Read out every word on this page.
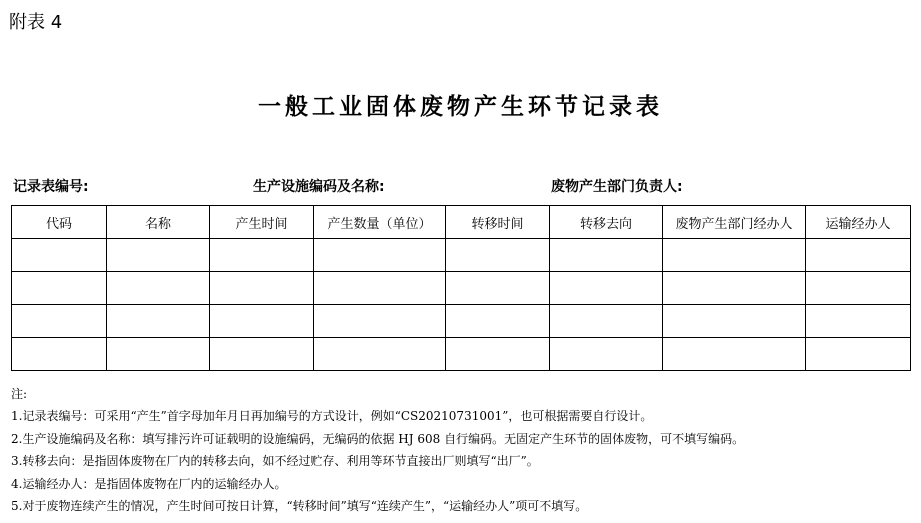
附表 4
一般工业固体废物产生环节记录表
记录表编号:	生产设施编码及名称:	废物产生部门负责人:
代码	名称	产生时间	产生数量（单位）	转移时间	转移去向	废物产生部门经办人	运输经办人

注:
1.记录表编号：可采用“产生”首字母加年月日再加编号的方式设计，例如“CS20210731001”，也可根据需要自行设计。
2.生产设施编码及名称：填写排污许可证载明的设施编码，无编码的依据 HJ 608 自行编码。无固定产生环节的固体废物，可不填写编码。
3.转移去向：是指固体废物在厂内的转移去向，如不经过贮存、利用等环节直接出厂则填写“出厂”。
4.运输经办人：是指固体废物在厂内的运输经办人。
5.对于废物连续产生的情况，产生时间可按日计算，“转移时间”填写“连续产生”，“运输经办人”项可不填写。
